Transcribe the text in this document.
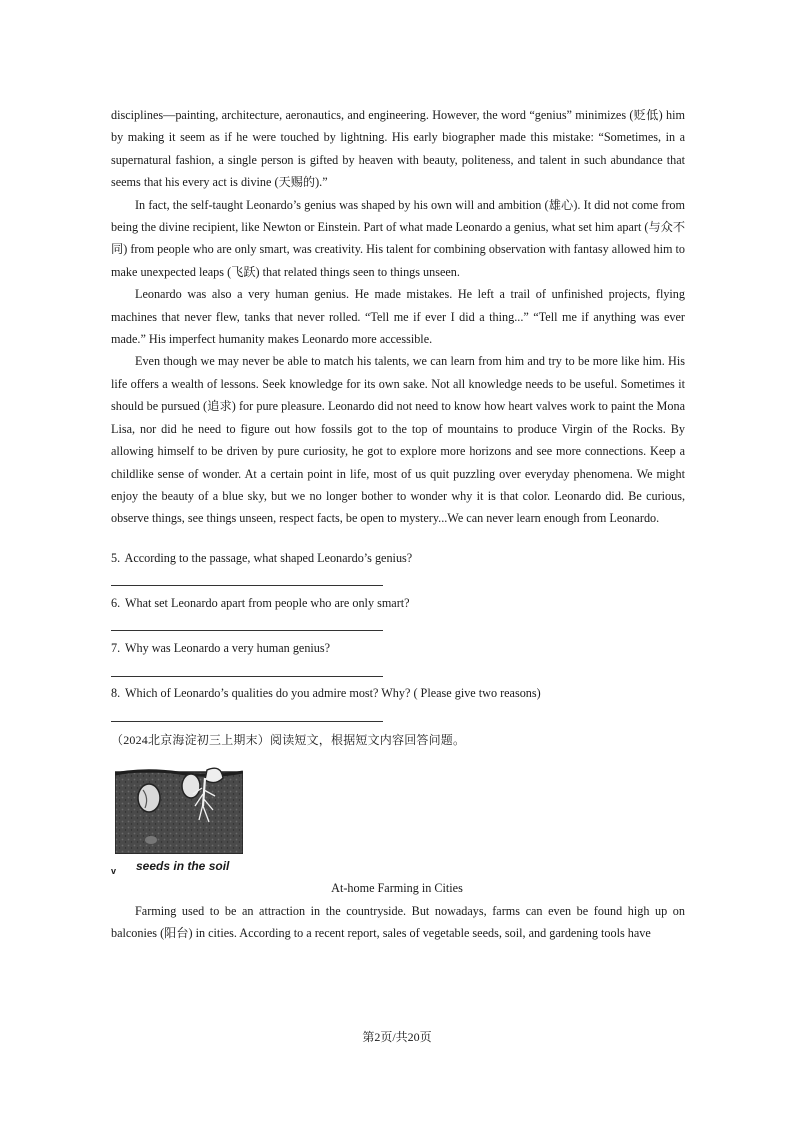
disciplines—painting, architecture, aeronautics, and engineering. However, the word “genius” minimizes (贬低) him by making it seem as if he were touched by lightning. His early biographer made this mistake: “Sometimes, in a supernatural fashion, a single person is gifted by heaven with beauty, politeness, and talent in such abundance that seems that his every act is divine (天赐的).”

In fact, the self-taught Leonardo’s genius was shaped by his own will and ambition (雄心). It did not come from being the divine recipient, like Newton or Einstein. Part of what made Leonardo a genius, what set him apart (与众不同) from people who are only smart, was creativity. His talent for combining observation with fantasy allowed him to make unexpected leaps (飞跃) that related things seen to things unseen.

Leonardo was also a very human genius. He made mistakes. He left a trail of unfinished projects, flying machines that never flew, tanks that never rolled. “Tell me if ever I did a thing...” “Tell me if anything was ever made.” His imperfect humanity makes Leonardo more accessible.

Even though we may never be able to match his talents, we can learn from him and try to be more like him. His life offers a wealth of lessons. Seek knowledge for its own sake. Not all knowledge needs to be useful. Sometimes it should be pursued (追求) for pure pleasure. Leonardo did not need to know how heart valves work to paint the Mona Lisa, nor did he need to figure out how fossils got to the top of mountains to produce Virgin of the Rocks. By allowing himself to be driven by pure curiosity, he got to explore more horizons and see more connections. Keep a childlike sense of wonder. At a certain point in life, most of us quit puzzling over everyday phenomena. We might enjoy the beauty of a blue sky, but we no longer bother to wonder why it is that color. Leonardo did. Be curious, observe things, see things unseen, respect facts, be open to mystery...We can never learn enough from Leonardo.

5. According to the passage, what shaped Leonardo’s genius?
6. What set Leonardo apart from people who are only smart?
7. Why was Leonardo a very human genius?
8. Which of Leonardo’s qualities do you admire most? Why? ( Please give two reasons)
（2024北京海淀初三上期末）阅读短文，根据短文内容回答问题。
v seeds in the soil
At-home Farming in Cities

Farming used to be an attraction in the countryside. But nowadays, farms can even be found high up on balconies (阳台) in cities. According to a recent report, sales of vegetable seeds, soil, and gardening tools have

第2页/共20页
